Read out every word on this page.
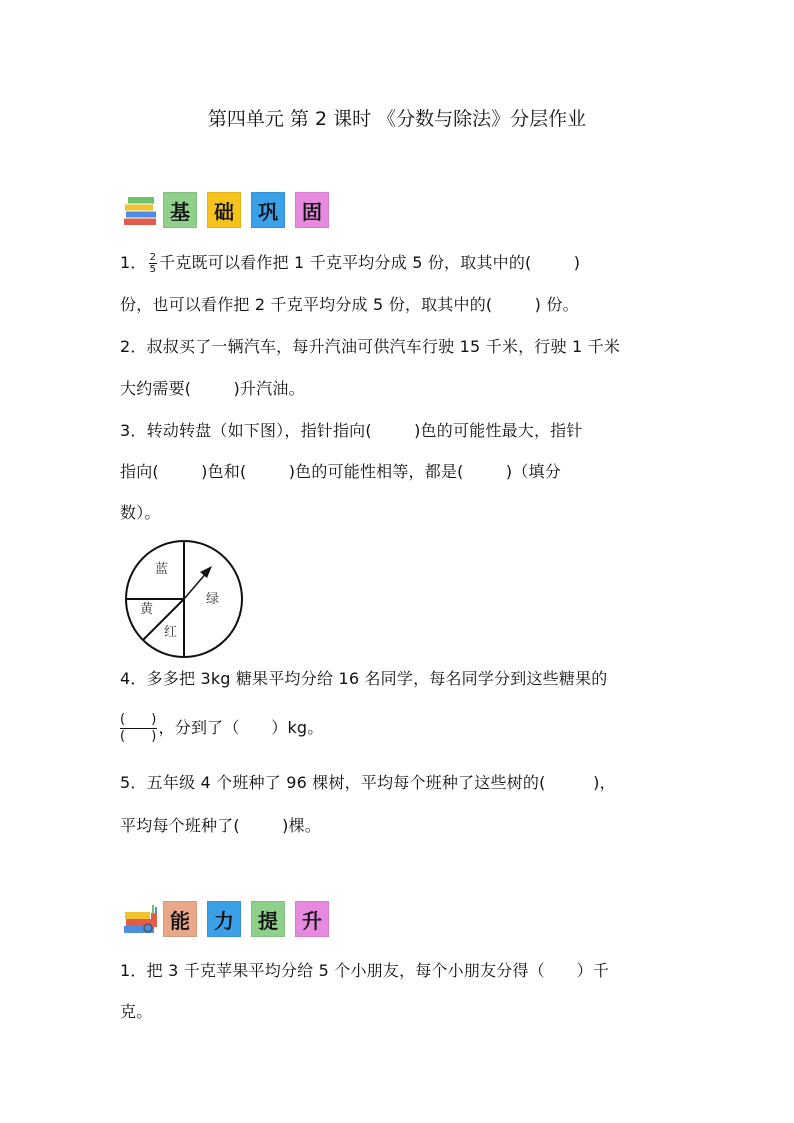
第四单元 第 2 课时 《分数与除法》分层作业
基	础	巩	固
1． $\frac{2}{5}$ 千克既可以看作把 1 千克平均分成 5 份，取其中的(        )
份，也可以看作把 2 千克平均分成 5 份，取其中的(        ) 份。
2．叔叔买了一辆汽车，每升汽油可供汽车行驶 15 千米，行驶 1 千米
大约需要(        )升汽油。
3．转动转盘（如下图），指针指向(        )色的可能性最大，指针
指向(        )色和(        )色的可能性相等，都是(        )（填分
数）。
蓝
黄
红
绿
4．多多把 3kg 糖果平均分给 16 名同学，每名同学分到这些糖果的
$\frac{( )}{( )}$ ，分到了（      ）kg。
5．五年级 4 个班种了 96 棵树，平均每个班种了这些树的(         )，
平均每个班种了(        )棵。
能	力	提	升
1．把 3 千克苹果平均分给 5 个小朋友，每个小朋友分得（      ）千
克。
